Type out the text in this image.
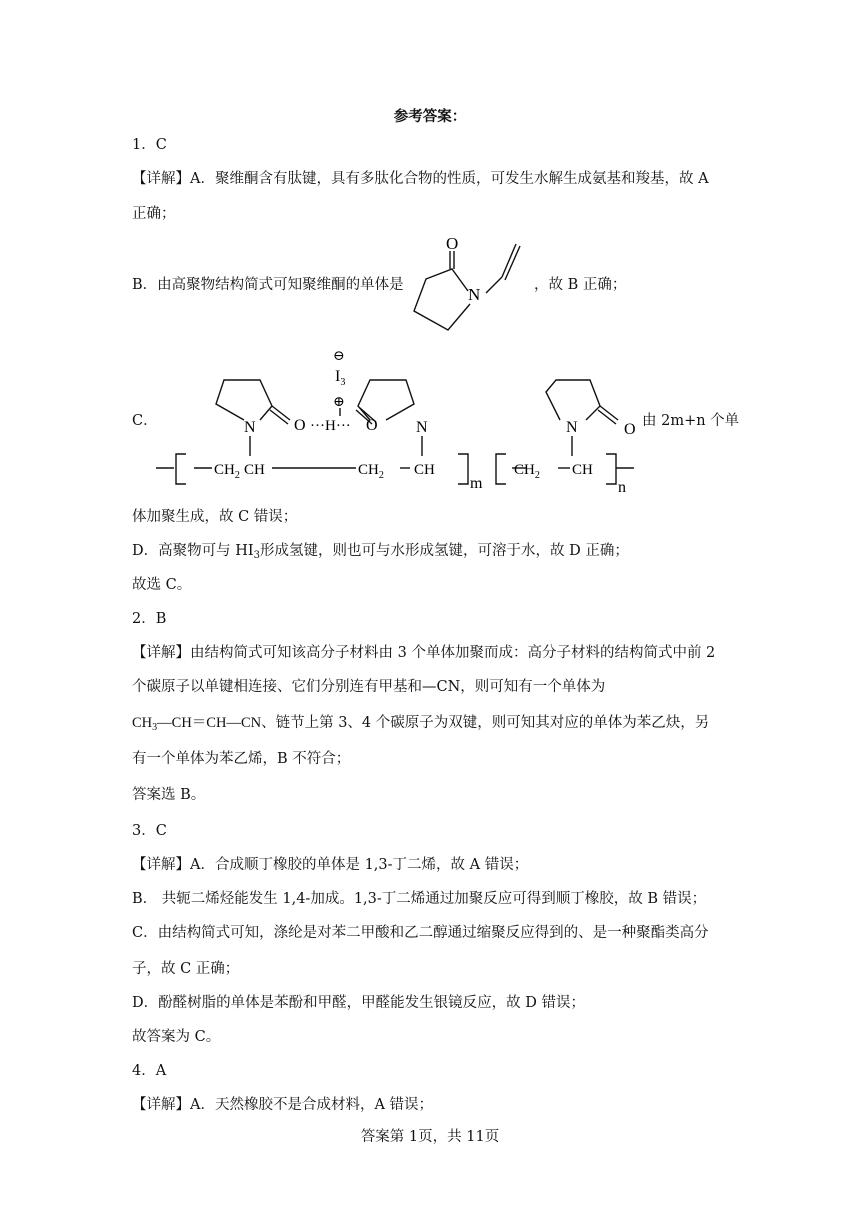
参考答案：
1．C
【详解】A．聚维酮含有肽键，具有多肽化合物的性质，可发生水解生成氨基和羧基，故 A
正确；
B．由高聚物结构简式可知聚维酮的单体是
O
N	，故 B 正确；
C．
⊖
$I_3$
⊕
N O ···H··· O N	N	O
$CH_2$ CH	$CH_2$ CH
m
$CH_2$ CH
n
由 2m+n 个单
体加聚生成，故 C 错误；
D．高聚物可与 $HI_3$形成氢键，则也可与水形成氢键，可溶于水，故 D 正确；
故选 C。
2．B
【详解】由结构简式可知该高分子材料由 3 个单体加聚而成：高分子材料的结构简式中前 2
个碳原子以单键相连接、它们分别连有甲基和—CN，则可知有一个单体为
$CH_3—CH=CH—CN$、链节上第 3、4 个碳原子为双键，则可知其对应的单体为苯乙炔，另
有一个单体为苯乙烯，B 不符合；
答案选 B。
3．C
【详解】A．合成顺丁橡胶的单体是 1,3-丁二烯，故 A 错误；
B． 共轭二烯烃能发生 1,4-加成。1,3-丁二烯通过加聚反应可得到顺丁橡胶，故 B 错误；
C．由结构简式可知，涤纶是对苯二甲酸和乙二醇通过缩聚反应得到的、是一种聚酯类高分
子，故 C 正确；
D．酚醛树脂的单体是苯酚和甲醛，甲醛能发生银镜反应，故 D 错误；
故答案为 C。
4．A
【详解】A．天然橡胶不是合成材料，A 错误；
答案第 1页，共 11页
